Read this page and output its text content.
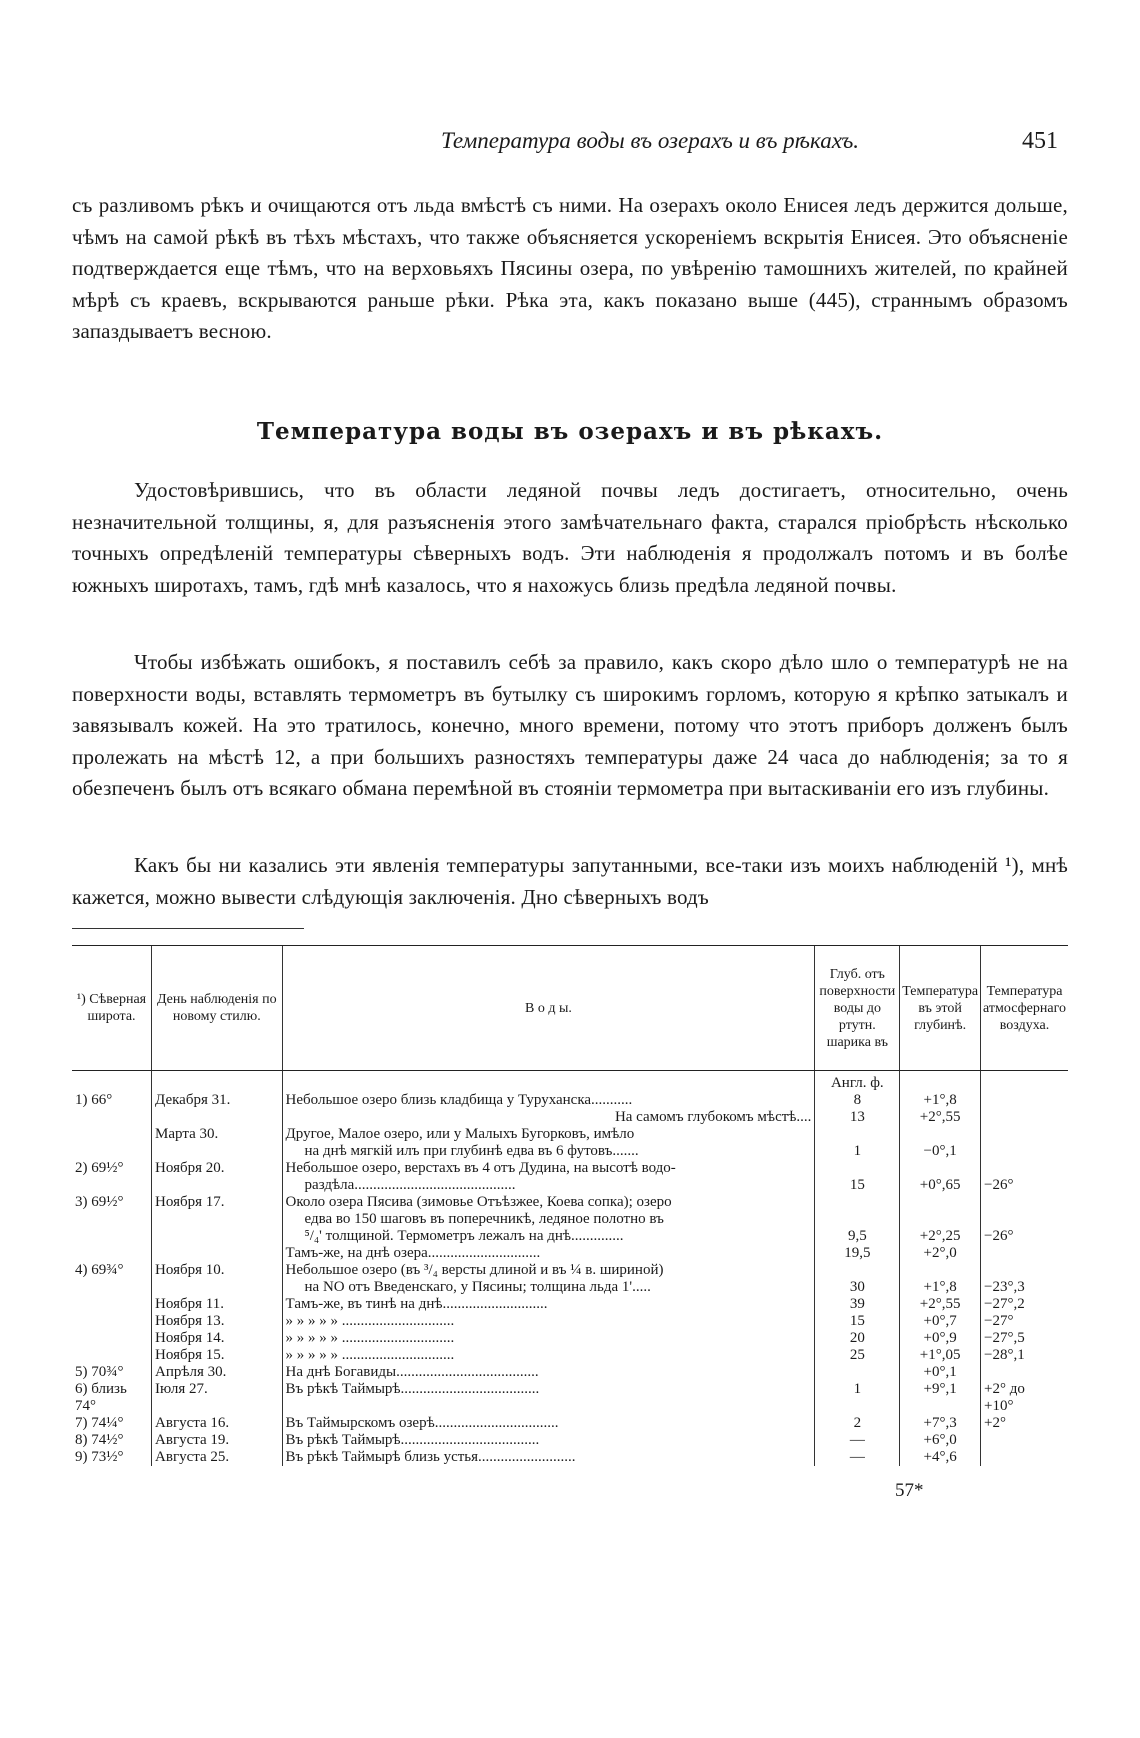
Температура воды въ озерахъ и въ рѣкахъ.	451
съ разливомъ рѣкъ и очищаются отъ льда вмѣстѣ съ ними. На озерахъ около Енисея ледъ держится дольше, чѣмъ на самой рѣкѣ въ тѣхъ мѣстахъ, что также объясняется ускореніемъ вскрытія Енисея. Это объясненіе подтверждается еще тѣмъ, что на верховьяхъ Пясины озера, по увѣренію тамошнихъ жителей, по крайней мѣрѣ съ краевъ, вскрываются раньше рѣки. Рѣка эта, какъ показано выше (445), страннымъ образомъ запаздываетъ весною.
Температура воды въ озерахъ и въ рѣкахъ.
Удостовѣрившись, что въ области ледяной почвы ледъ достигаетъ, относительно, очень незначительной толщины, я, для разъясненія этого замѣчательнаго факта, старался пріобрѣсть нѣсколько точныхъ опредѣленій температуры сѣверныхъ водъ. Эти наблюденія я продолжалъ потомъ и въ болѣе южныхъ широтахъ, тамъ, гдѣ мнѣ казалось, что я нахожусь близь предѣла ледяной почвы.
Чтобы избѣжать ошибокъ, я поставилъ себѣ за правило, какъ скоро дѣло шло о температурѣ не на поверхности воды, вставлять термометръ въ бутылку съ широкимъ горломъ, которую я крѣпко затыкалъ и завязывалъ кожей. На это тратилось, конечно, много времени, потому что этотъ приборъ долженъ былъ пролежать на мѣстѣ 12, а при большихъ разностяхъ температуры даже 24 часа до наблюденія; за то я обезпеченъ былъ отъ всякаго обмана перемѣной въ стояніи термометра при вытаскиваніи его изъ глубины.
Какъ бы ни казались эти явленія температуры запутанными, все-таки изъ моихъ наблюденій ¹), мнѣ кажется, можно вывести слѣдующія заключенія. Дно сѣверныхъ водъ
¹) Сѣверная широта.	День наблюденія по новому стилю.	В о д ы.	Глуб. отъ поверхности воды до ртутн. шарика въ	Температура въ этой глубинѣ.	Температура атмосфернаго воздуха.
			Англ. ф.		
1) 66°	Декабря 31.	Небольшое озеро близь кладбища у Туруханска...........	8	+1°,8	
		На самомъ глубокомъ мѣстѣ....	13	+2°,55	
	Марта 30.	Другое, Малое озеро, или у Малыхъ Бугорковъ, имѣло			
		на днѣ мягкій илъ при глубинѣ едва въ 6 футовъ.......	1	−0°,1	
2) 69½°	Ноября 20.	Небольшое озеро, верстахъ въ 4 отъ Дудина, на высотѣ водо-			
		раздѣла...........................................	15	+0°,65	−26°
3) 69½°	Ноября 17.	Около озера Пясива (зимовье Отъѣзжее, Коева сопка); озеро			
		едва во 150 шаговъ въ поперечникѣ, ледяное полотно въ			
		⁵/₄' толщиной. Термометръ лежалъ на днѣ..............	9,5	+2°,25	−26°
		Тамъ-же, на днѣ озера..............................	19,5	+2°,0	
4) 69¾°	Ноября 10.	Небольшое озеро (въ ³/₄ версты длиной и въ ¼ в. шириной)			
		на NO отъ Введенскаго, у Пясины; толщина льда 1'.....	30	+1°,8	−23°,3
	Ноября 11.	Тамъ-же, въ тинѣ на днѣ............................	39	+2°,55	−27°,2
	Ноября 13.	» » » » » ..............................	15	+0°,7	−27°
	Ноября 14.	» » » » » ..............................	20	+0°,9	−27°,5
	Ноября 15.	» » » » » ..............................	25	+1°,05	−28°,1
5) 70¾°	Апрѣля 30.	На днѣ Богавиды......................................		+0°,1	
6) близь	Іюля 27.	Въ рѣкѣ Таймырѣ.....................................	1	+9°,1	+2° до
74°					+10°
7) 74¼°	Августа 16.	Въ Таймырскомъ озерѣ.................................	2	+7°,3	+2°
8) 74½°	Августа 19.	Въ рѣкѣ Таймырѣ.....................................	—	+6°,0	
9) 73½°	Августа 25.	Въ рѣкѣ Таймырѣ близь устья..........................	—	+4°,6	
57*
